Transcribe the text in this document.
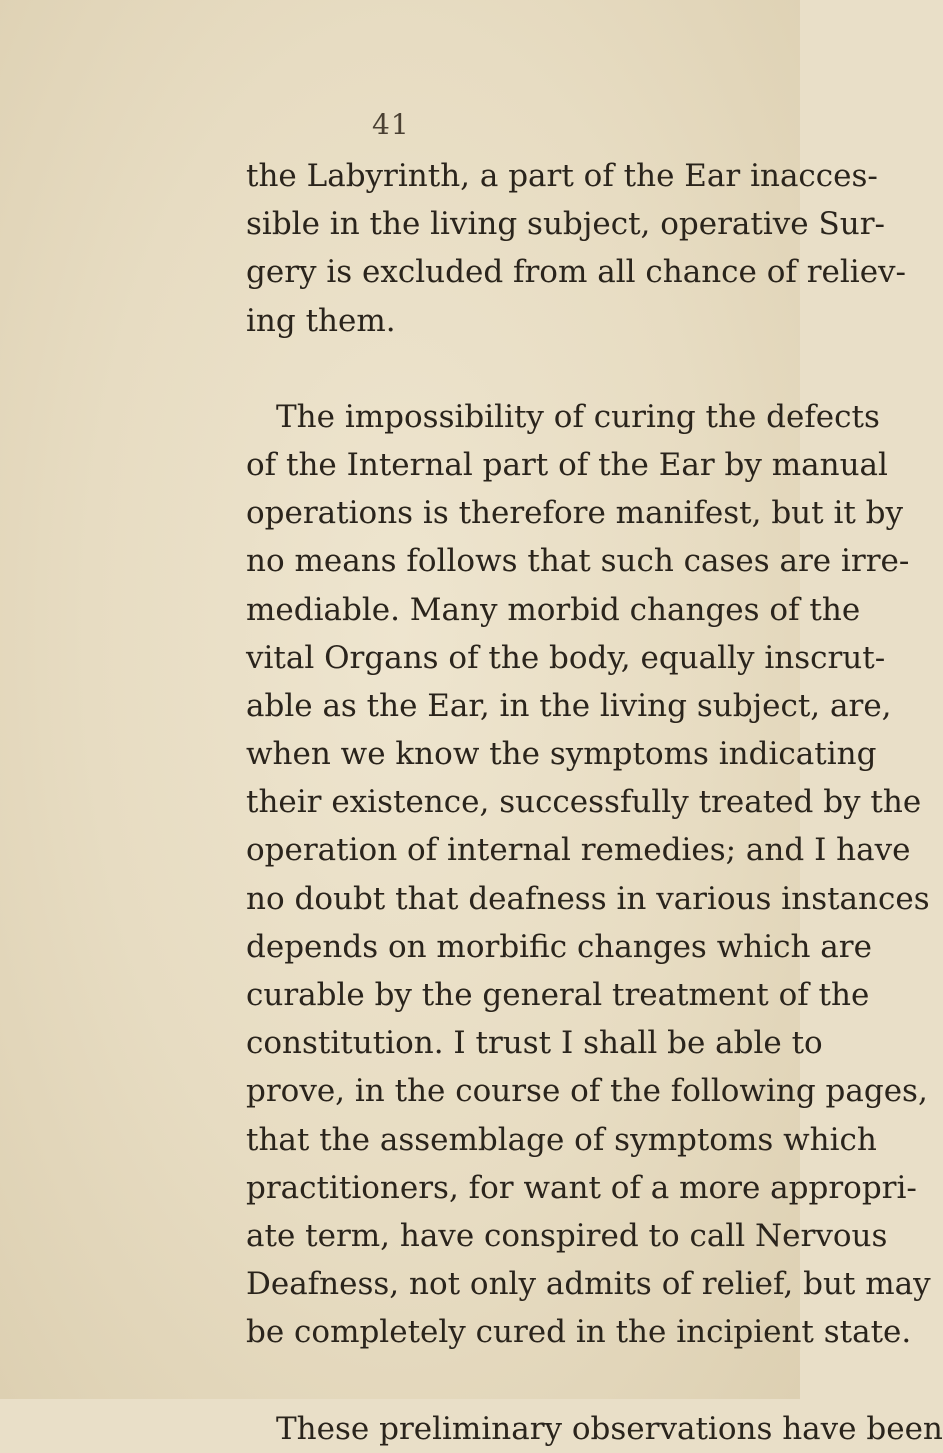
41
the Labyrinth, a part of the Ear inacces-
sible in the living subject, operative Sur-
gery is excluded from all chance of reliev-
ing them.
The impossibility of curing the defects
of the Internal part of the Ear by manual
operations is therefore manifest, but it by
no means follows that such cases are irre-
mediable. Many morbid changes of the
vital Organs of the body, equally inscrut-
able as the Ear, in the living subject, are,
when we know the symptoms indicating
their existence, successfully treated by the
operation of internal remedies; and I have
no doubt that deafness in various instances
depends on morbific changes which are
curable by the general treatment of the
constitution. I trust I shall be able to
prove, in the course of the following pages,
that the assemblage of symptoms which
practitioners, for want of a more appropri-
ate term, have conspired to call Nervous
Deafness, not only admits of relief, but may
be completely cured in the incipient state.
These preliminary observations have been
